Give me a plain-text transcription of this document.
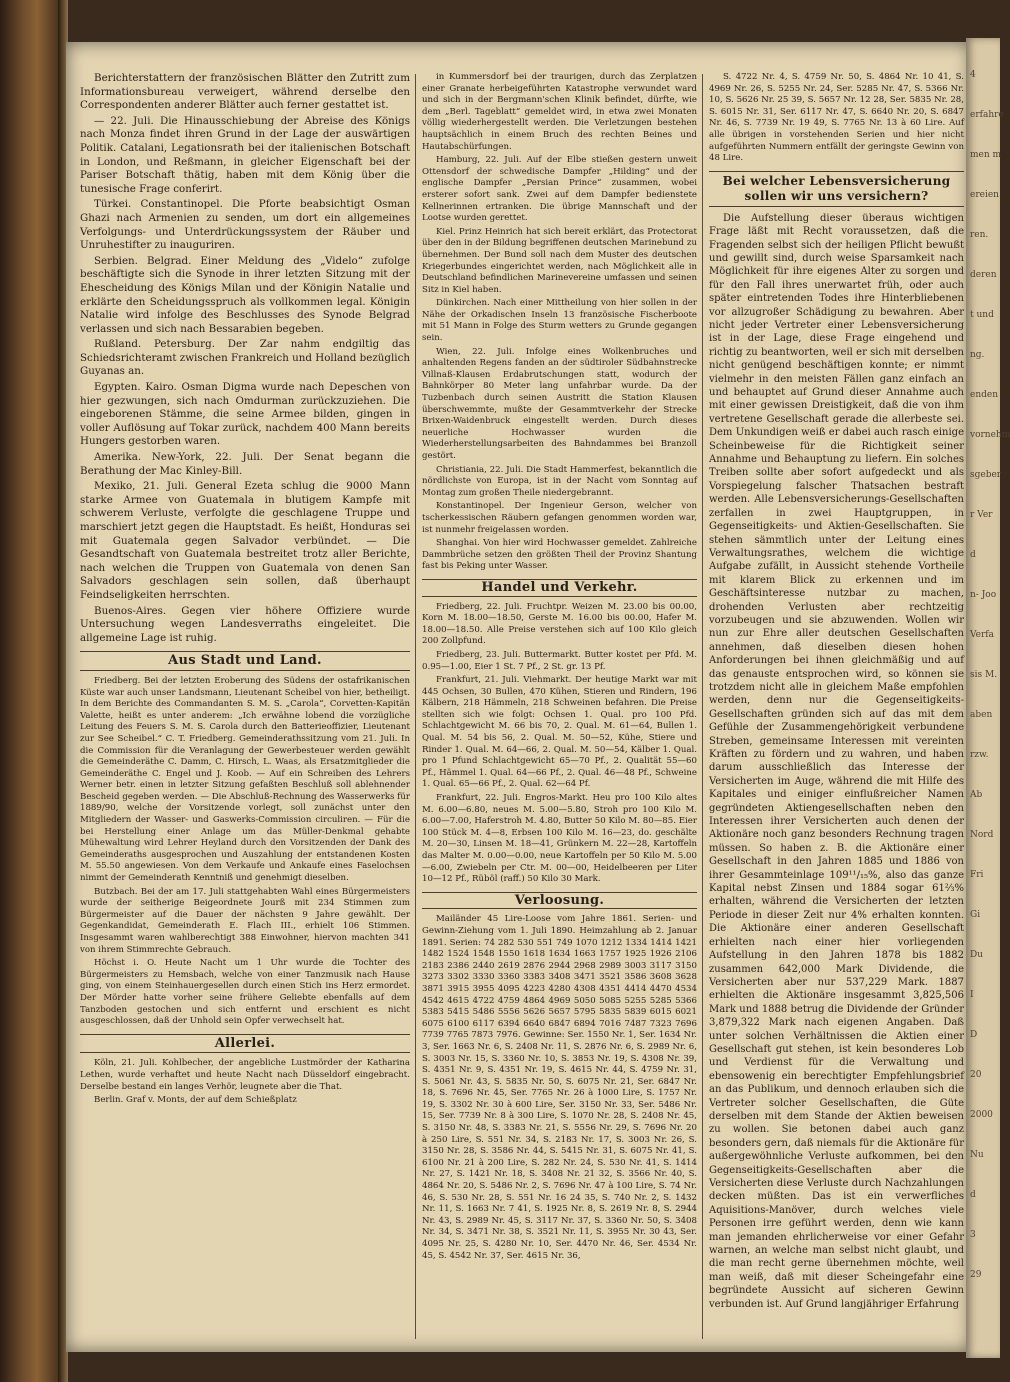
Berichterstattern der französischen Blätter den Zutritt zum Informationsbureau verweigert, während derselbe den Correspondenten anderer Blätter auch ferner gestattet ist.

— 22. Juli. Die Hinausschiebung der Abreise des Königs nach Monza findet ihren Grund in der Lage der auswärtigen Politik. Catalani, Legationsrath bei der italienischen Botschaft in London, und Reßmann, in gleicher Eigenschaft bei der Pariser Botschaft thätig, haben mit dem König über die tunesische Frage conferirt.

Türkei. Constantinopel. Die Pforte beabsichtigt Osman Ghazi nach Armenien zu senden, um dort ein allgemeines Verfolgungs- und Unterdrückungssystem der Räuber und Unruhestifter zu inauguriren.

Serbien. Belgrad. Einer Meldung des „Videlo“ zufolge beschäftigte sich die Synode in ihrer letzten Sitzung mit der Ehescheidung des Königs Milan und der Königin Natalie und erklärte den Scheidungsspruch als vollkommen legal. Königin Natalie wird infolge des Beschlusses des Synode Belgrad verlassen und sich nach Bessarabien begeben.

Rußland. Petersburg. Der Zar nahm endgiltig das Schiedsrichteramt zwischen Frankreich und Holland bezüglich Guyanas an.

Egypten. Kairo. Osman Digma wurde nach Depeschen von hier gezwungen, sich nach Omdurman zurückzuziehen. Die eingeborenen Stämme, die seine Armee bilden, gingen in voller Auflösung auf Tokar zurück, nachdem 400 Mann bereits Hungers gestorben waren.

Amerika. New-York, 22. Juli. Der Senat begann die Berathung der Mac Kinley-Bill.

Mexiko, 21. Juli. General Ezeta schlug die 9000 Mann starke Armee von Guatemala in blutigem Kampfe mit schwerem Verluste, verfolgte die geschlagene Truppe und marschiert jetzt gegen die Hauptstadt. Es heißt, Honduras sei mit Guatemala gegen Salvador verbündet. — Die Gesandtschaft von Guatemala bestreitet trotz aller Berichte, nach welchen die Truppen von Guatemala von denen San Salvadors geschlagen sein sollen, daß überhaupt Feindseligkeiten herrschten.

Buenos-Aires. Gegen vier höhere Offiziere wurde Untersuchung wegen Landesverraths eingeleitet. Die allgemeine Lage ist ruhig.

Aus Stadt und Land.

Friedberg. Bei der letzten Eroberung des Südens der ostafrikanischen Küste war auch unser Landsmann, Lieutenant Scheibel von hier, betheiligt. In dem Berichte des Commandanten S. M. S. „Carola“, Corvetten-Kapitän Valette, heißt es unter anderem: „Ich erwähne lobend die vorzügliche Leitung des Feuers S. M. S. Carola durch den Batterieoffizier, Lieutenant zur See Scheibel.“ C. T. Friedberg. Gemeinderathssitzung vom 21. Juli. In die Commission für die Veranlagung der Gewerbesteuer werden gewählt die Gemeinderäthe C. Damm, C. Hirsch, L. Waas, als Ersatzmitglieder die Gemeinderäthe C. Engel und J. Koob. — Auf ein Schreiben des Lehrers Werner betr. einen in letzter Sitzung gefaßten Beschluß soll ablehnender Bescheid gegeben werden. — Die Abschluß-Rechnung des Wasserwerks für 1889/90, welche der Vorsitzende vorlegt, soll zunächst unter den Mitgliedern der Wasser- und Gaswerks-Commission circuliren. — Für die bei Herstellung einer Anlage um das Müller-Denkmal gehabte Mühewaltung wird Lehrer Heyland durch den Vorsitzenden der Dank des Gemeinderaths ausgesprochen und Auszahlung der entstandenen Kosten M. 55.50 angewiesen. Von dem Verkaufe und Ankaufe eines Faselochsen nimmt der Gemeinderath Kenntniß und genehmigt dieselben.

Butzbach. Bei der am 17. Juli stattgehabten Wahl eines Bürgermeisters wurde der seitherige Beigeordnete Jourß mit 234 Stimmen zum Bürgermeister auf die Dauer der nächsten 9 Jahre gewählt. Der Gegenkandidat, Gemeinderath E. Flach III., erhielt 106 Stimmen. Insgesammt waren wahlberechtigt 388 Einwohner, hiervon machten 341 von ihrem Stimmrechte Gebrauch.

Höchst i. O. Heute Nacht um 1 Uhr wurde die Tochter des Bürgermeisters zu Hemsbach, welche von einer Tanzmusik nach Hause ging, von einem Steinhauergesellen durch einen Stich ins Herz ermordet. Der Mörder hatte vorher seine frühere Geliebte ebenfalls auf dem Tanzboden gestochen und sich entfernt und erschient es nicht ausgeschlossen, daß der Unhold sein Opfer verwechselt hat.

Allerlei.

Köln, 21. Juli. Kohlbecher, der angebliche Lustmörder der Katharina Lethen, wurde verhaftet und heute Nacht nach Düsseldorf eingebracht. Derselbe bestand ein langes Verhör, leugnete aber die That.

Berlin. Graf v. Monts, der auf dem Schießplatz

in Kummersdorf bei der traurigen, durch das Zerplatzen einer Granate herbeigeführten Katastrophe verwundet ward und sich in der Bergmann'schen Klinik befindet, dürfte, wie dem „Berl. Tageblatt“ gemeldet wird, in etwa zwei Monaten völlig wiederhergestellt werden. Die Verletzungen bestehen hauptsächlich in einem Bruch des rechten Beines und Hautabschürfungen.

Hamburg, 22. Juli. Auf der Elbe stießen gestern unweit Ottensdorf der schwedische Dampfer „Hilding“ und der englische Dampfer „Persian Prince“ zusammen, wobei ersterer sofort sank. Zwei auf dem Dampfer bedienstete Kellnerinnen ertranken. Die übrige Mannschaft und der Lootse wurden gerettet.

Kiel. Prinz Heinrich hat sich bereit erklärt, das Protectorat über den in der Bildung begriffenen deutschen Marinebund zu übernehmen. Der Bund soll nach dem Muster des deutschen Kriegerbundes eingerichtet werden, nach Möglichkeit alle in Deutschland befindlichen Marinevereine umfassen und seinen Sitz in Kiel haben.

Dünkirchen. Nach einer Mittheilung von hier sollen in der Nähe der Orkadischen Inseln 13 französische Fischerboote mit 51 Mann in Folge des Sturm wetters zu Grunde gegangen sein.

Wien, 22. Juli. Infolge eines Wolkenbruches und anhaltenden Regens fanden an der südtiroler Südbahnstrecke Villnaß-Klausen Erdabrutschungen statt, wodurch der Bahnkörper 80 Meter lang unfahrbar wurde. Da der Tuzbenbach durch seinen Austritt die Station Klausen überschwemmte, mußte der Gesammtverkehr der Strecke Brixen-Waidenbruck eingestellt werden. Durch dieses neuerliche Hochwasser wurden die Wiederherstellungsarbeiten des Bahndammes bei Branzoll gestört.

Christiania, 22. Juli. Die Stadt Hammerfest, bekanntlich die nördlichste von Europa, ist in der Nacht vom Sonntag auf Montag zum großen Theile niedergebrannt.

Konstantinopel. Der Ingenieur Gerson, welcher von tscherkessischen Räubern gefangen genommen worden war, ist nunmehr freigelassen worden.

Shanghai. Von hier wird Hochwasser gemeldet. Zahlreiche Dammbrüche setzen den größten Theil der Provinz Shantung fast bis Peking unter Wasser.

Handel und Verkehr.

Friedberg, 22. Juli. Fruchtpr. Weizen M. 23.00 bis 00.00, Korn M. 18.00—18.50, Gerste M. 16.00 bis 00.00, Hafer M. 18.00—18.50. Alle Preise verstehen sich auf 100 Kilo gleich 200 Zollpfund.

Friedberg, 23. Juli. Buttermarkt. Butter kostet per Pfd. M. 0.95—1.00, Eier 1 St. 7 Pf., 2 St. gr. 13 Pf.

Frankfurt, 21. Juli. Viehmarkt. Der heutige Markt war mit 445 Ochsen, 30 Bullen, 470 Kühen, Stieren und Rindern, 196 Kälbern, 218 Hämmeln, 218 Schweinen befahren. Die Preise stellten sich wie folgt: Ochsen 1. Qual. pro 100 Pfd. Schlachtgewicht M. 66 bis 70, 2. Qual. M. 61—64, Bullen 1. Qual. M. 54 bis 56, 2. Qual. M. 50—52, Kühe, Stiere und Rinder 1. Qual. M. 64—66, 2. Qual. M. 50—54, Kälber 1. Qual. pro 1 Pfund Schlachtgewicht 65—70 Pf., 2. Qualität 55—60 Pf., Hämmel 1. Qual. 64—66 Pf., 2. Qual. 46—48 Pf., Schweine 1. Qual. 65—66 Pf., 2. Qual. 62—64 Pf.

Frankfurt, 22. Juli. Engros-Markt. Heu pro 100 Kilo altes M. 6.00—6.80, neues M. 5.00—5.80, Stroh pro 100 Kilo M. 6.00—7.00, Haferstroh M. 4.80, Butter 50 Kilo M. 80—85. Eier 100 Stück M. 4—8, Erbsen 100 Kilo M. 16—23, do. geschälte M. 20—30, Linsen M. 18—41, Grünkern M. 22—28, Kartoffeln das Malter M. 0.00—0.00, neue Kartoffeln per 50 Kilo M. 5.00—6.00, Zwiebeln per Ctr. M. 00—00, Heidelbeeren per Liter 10—12 Pf., Rüböl (raff.) 50 Kilo 30 Mark.

Verloosung.

Mailänder 45 Lire-Loose vom Jahre 1861. Serien- und Gewinn-Ziehung vom 1. Juli 1890. Heimzahlung ab 2. Januar 1891. Serien: 74 282 530 551 749 1070 1212 1334 1414 1421 1482 1524 1548 1550 1618 1634 1663 1757 1925 1926 2106 2183 2386 2440 2619 2876 2944 2968 2989 3003 3117 3150 3273 3302 3330 3360 3383 3408 3471 3521 3586 3608 3628 3871 3915 3955 4095 4223 4280 4308 4351 4414 4470 4534 4542 4615 4722 4759 4864 4969 5050 5085 5255 5285 5366 5383 5415 5486 5556 5626 5657 5795 5835 5839 6015 6021 6075 6100 6117 6394 6640 6847 6894 7016 7487 7323 7696 7739 7765 7873 7976. Gewinne: Ser. 1550 Nr. 1, Ser. 1634 Nr. 3, Ser. 1663 Nr. 6, S. 2408 Nr. 11, S. 2876 Nr. 6, S. 2989 Nr. 6, S. 3003 Nr. 15, S. 3360 Nr. 10, S. 3853 Nr. 19, S. 4308 Nr. 39, S. 4351 Nr. 9, S. 4351 Nr. 19, S. 4615 Nr. 44, S. 4759 Nr. 31, S. 5061 Nr. 43, S. 5835 Nr. 50, S. 6075 Nr. 21, Ser. 6847 Nr. 18, S. 7696 Nr. 45, Ser. 7765 Nr. 26 à 1000 Lire, S. 1757 Nr. 19, S. 3302 Nr. 30 à 600 Lire, Ser. 3150 Nr. 33, Ser. 5486 Nr. 15, Ser. 7739 Nr. 8 à 300 Lire, S. 1070 Nr. 28, S. 2408 Nr. 45, S. 3150 Nr. 48, S. 3383 Nr. 21, S. 5556 Nr. 29, S. 7696 Nr. 20 à 250 Lire, S. 551 Nr. 34, S. 2183 Nr. 17, S. 3003 Nr. 26, S. 3150 Nr. 28, S. 3586 Nr. 44, S. 5415 Nr. 31, S. 6075 Nr. 41, S. 6100 Nr. 21 à 200 Lire, S. 282 Nr. 24, S. 530 Nr. 41, S. 1414 Nr. 27, S. 1421 Nr. 18, S. 3408 Nr. 21 32, S. 3566 Nr. 40, S. 4864 Nr. 20, S. 5486 Nr. 2, S. 7696 Nr. 47 à 100 Lire, S. 74 Nr. 46, S. 530 Nr. 28, S. 551 Nr. 16 24 35, S. 740 Nr. 2, S. 1432 Nr. 11, S. 1663 Nr. 7 41, S. 1925 Nr. 8, S. 2619 Nr. 8, S. 2944 Nr. 43, S. 2989 Nr. 45, S. 3117 Nr. 37, S. 3360 Nr. 50, S. 3408 Nr. 34, S. 3471 Nr. 38, S. 3521 Nr. 11, S. 3955 Nr. 30 43, Ser. 4095 Nr. 25, S. 4280 Nr. 10, Ser. 4470 Nr. 46, Ser. 4534 Nr. 45, S. 4542 Nr. 37, Ser. 4615 Nr. 36,

S. 4722 Nr. 4, S. 4759 Nr. 50, S. 4864 Nr. 10 41, S. 4969 Nr. 26, S. 5255 Nr. 24, Ser. 5285 Nr. 47, S. 5366 Nr. 10, S. 5626 Nr. 25 39, S. 5657 Nr. 12 28, Ser. 5835 Nr. 28, S. 6015 Nr. 31, Ser. 6117 Nr. 47, S. 6640 Nr. 20, S. 6847 Nr. 46, S. 7739 Nr. 19 49, S. 7765 Nr. 13 à 60 Lire. Auf alle übrigen in vorstehenden Serien und hier nicht aufgeführten Nummern entfällt der geringste Gewinn von 48 Lire.

Bei welcher Lebensversicherung sollen wir uns versichern?

Die Aufstellung dieser überaus wichtigen Frage läßt mit Recht voraussetzen, daß die Fragenden selbst sich der heiligen Pflicht bewußt und gewillt sind, durch weise Sparsamkeit nach Möglichkeit für ihre eigenes Alter zu sorgen und für den Fall ihres unerwartet früh, oder auch später eintretenden Todes ihre Hinterbliebenen vor allzugroßer Schädigung zu bewahren. Aber nicht jeder Vertreter einer Lebensversicherung ist in der Lage, diese Frage eingehend und richtig zu beantworten, weil er sich mit derselben nicht genügend beschäftigen konnte; er nimmt vielmehr in den meisten Fällen ganz einfach an und behauptet auf Grund dieser Annahme auch mit einer gewissen Dreistigkeit, daß die von ihm vertretene Gesellschaft gerade die allerbeste sei. Dem Unkundigen weiß er dabei auch rasch einige Scheinbeweise für die Richtigkeit seiner Annahme und Behauptung zu liefern. Ein solches Treiben sollte aber sofort aufgedeckt und als Vorspiegelung falscher Thatsachen bestraft werden. Alle Lebensversicherungs-Gesellschaften zerfallen in zwei Hauptgruppen, in Gegenseitigkeits- und Aktien-Gesellschaften. Sie stehen sämmtlich unter der Leitung eines Verwaltungsrathes, welchem die wichtige Aufgabe zufällt, in Aussicht stehende Vortheile mit klarem Blick zu erkennen und im Geschäftsinteresse nutzbar zu machen, drohenden Verlusten aber rechtzeitig vorzubeugen und sie abzuwenden. Wollen wir nun zur Ehre aller deutschen Gesellschaften annehmen, daß dieselben diesen hohen Anforderungen bei ihnen gleichmäßig und auf das genauste entsprochen wird, so können sie trotzdem nicht alle in gleichem Maße empfohlen werden, denn nur die Gegenseitigkeits-Gesellschaften gründen sich auf das mit dem Gefühle der Zusammengehörigkeit verbundene Streben, gemeinsame Interessen mit vereinten Kräften zu fördern und zu wahren, und haben darum ausschließlich das Interesse der Versicherten im Auge, während die mit Hilfe des Kapitales und einiger einflußreicher Namen gegründeten Aktiengesellschaften neben den Interessen ihrer Versicherten auch denen der Aktionäre noch ganz besonders Rechnung tragen müssen. So haben z. B. die Aktionäre einer Gesellschaft in den Jahren 1885 und 1886 von ihrer Gesammteinlage 109¹¹/₁₅%, also das ganze Kapital nebst Zinsen und 1884 sogar 61⅔% erhalten, während die Versicherten der letzten Periode in dieser Zeit nur 4% erhalten konnten. Die Aktionäre einer anderen Gesellschaft erhielten nach einer hier vorliegenden Aufstellung in den Jahren 1878 bis 1882 zusammen 642,000 Mark Dividende, die Versicherten aber nur 537,229 Mark. 1887 erhielten die Aktionäre insgesammt 3,825,506 Mark und 1888 betrug die Dividende der Gründer 3,879,322 Mark nach eigenen Angaben. Daß unter solchen Verhältnissen die Aktien einer Gesellschaft gut stehen, ist kein besonderes Lob und Verdienst für die Verwaltung und ebensowenig ein berechtigter Empfehlungsbrief an das Publikum, und dennoch erlauben sich die Vertreter solcher Gesellschaften, die Güte derselben mit dem Stande der Aktien beweisen zu wollen. Sie betonen dabei auch ganz besonders gern, daß niemals für die Aktionäre für außergewöhnliche Verluste aufkommen, bei den Gegenseitigkeits-Gesellschaften aber die Versicherten diese Verluste durch Nachzahlungen decken müßten. Das ist ein verwerfliches Aquisitions-Manöver, durch welches viele Personen irre geführt werden, denn wie kann man jemanden ehrlicherweise vor einer Gefahr warnen, an welche man selbst nicht glaubt, und die man recht gerne übernehmen möchte, weil man weiß, daß mit dieser Scheingefahr eine begründete Aussicht auf sicheren Gewinn verbunden ist. Auf Grund langjähriger Erfahrung

4
erfahre
men m
ereien
ren.
deren
t und
ng.
enden
vornehm
sgeber
r Ver
d
n- Joo
Verfa
sis M.
aben
rzw.
Ab
Nord
Fri
Gi
Du
I
D
20
2000
Nu
d
3
29
